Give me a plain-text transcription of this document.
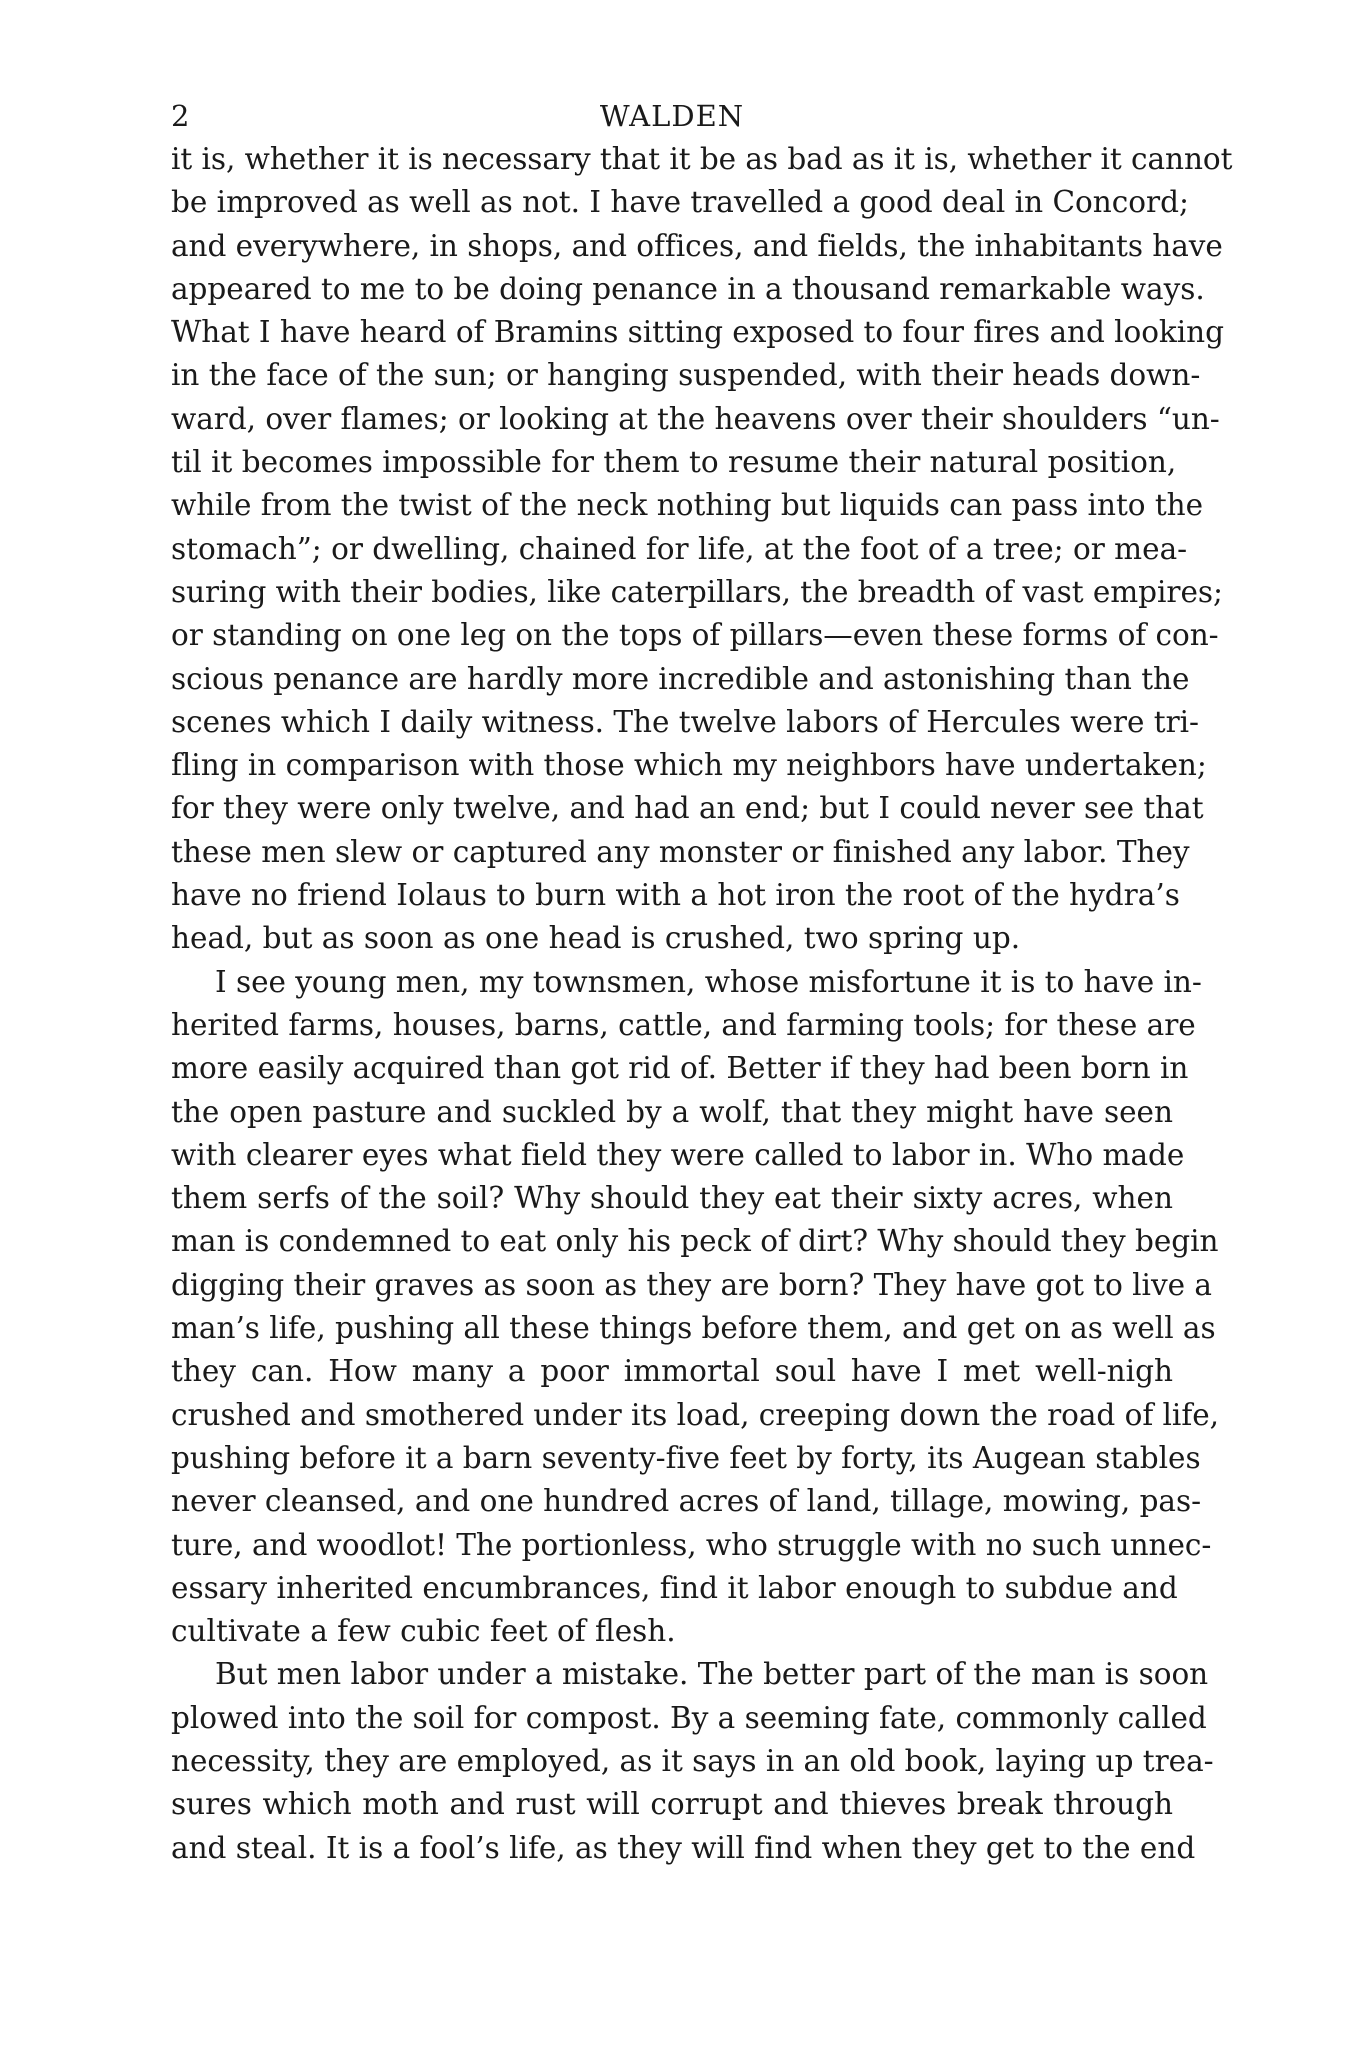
2	WALDEN

it is, whether it is necessary that it be as bad as it is, whether it cannot
be improved as well as not. I have travelled a good deal in Concord;
and everywhere, in shops, and offices, and fields, the inhabitants have
appeared to me to be doing penance in a thousand remarkable ways.
What I have heard of Bramins sitting exposed to four fires and looking
in the face of the sun; or hanging suspended, with their heads down-
ward, over flames; or looking at the heavens over their shoulders “un-
til it becomes impossible for them to resume their natural position,
while from the twist of the neck nothing but liquids can pass into the
stomach”; or dwelling, chained for life, at the foot of a tree; or mea-
suring with their bodies, like caterpillars, the breadth of vast empires;
or standing on one leg on the tops of pillars—even these forms of con-
scious penance are hardly more incredible and astonishing than the
scenes which I daily witness. The twelve labors of Hercules were tri-
fling in comparison with those which my neighbors have undertaken;
for they were only twelve, and had an end; but I could never see that
these men slew or captured any monster or finished any labor. They
have no friend Iolaus to burn with a hot iron the root of the hydra’s
head, but as soon as one head is crushed, two spring up.

I see young men, my townsmen, whose misfortune it is to have in-
herited farms, houses, barns, cattle, and farming tools; for these are
more easily acquired than got rid of. Better if they had been born in
the open pasture and suckled by a wolf, that they might have seen
with clearer eyes what field they were called to labor in. Who made
them serfs of the soil? Why should they eat their sixty acres, when
man is condemned to eat only his peck of dirt? Why should they begin
digging their graves as soon as they are born? They have got to live a
man’s life, pushing all these things before them, and get on as well as
they can. How many a poor immortal soul have I met well-nigh
crushed and smothered under its load, creeping down the road of life,
pushing before it a barn seventy-five feet by forty, its Augean stables
never cleansed, and one hundred acres of land, tillage, mowing, pas-
ture, and woodlot! The portionless, who struggle with no such unnec-
essary inherited encumbrances, find it labor enough to subdue and
cultivate a few cubic feet of flesh.

But men labor under a mistake. The better part of the man is soon
plowed into the soil for compost. By a seeming fate, commonly called
necessity, they are employed, as it says in an old book, laying up trea-
sures which moth and rust will corrupt and thieves break through
and steal. It is a fool’s life, as they will find when they get to the end
